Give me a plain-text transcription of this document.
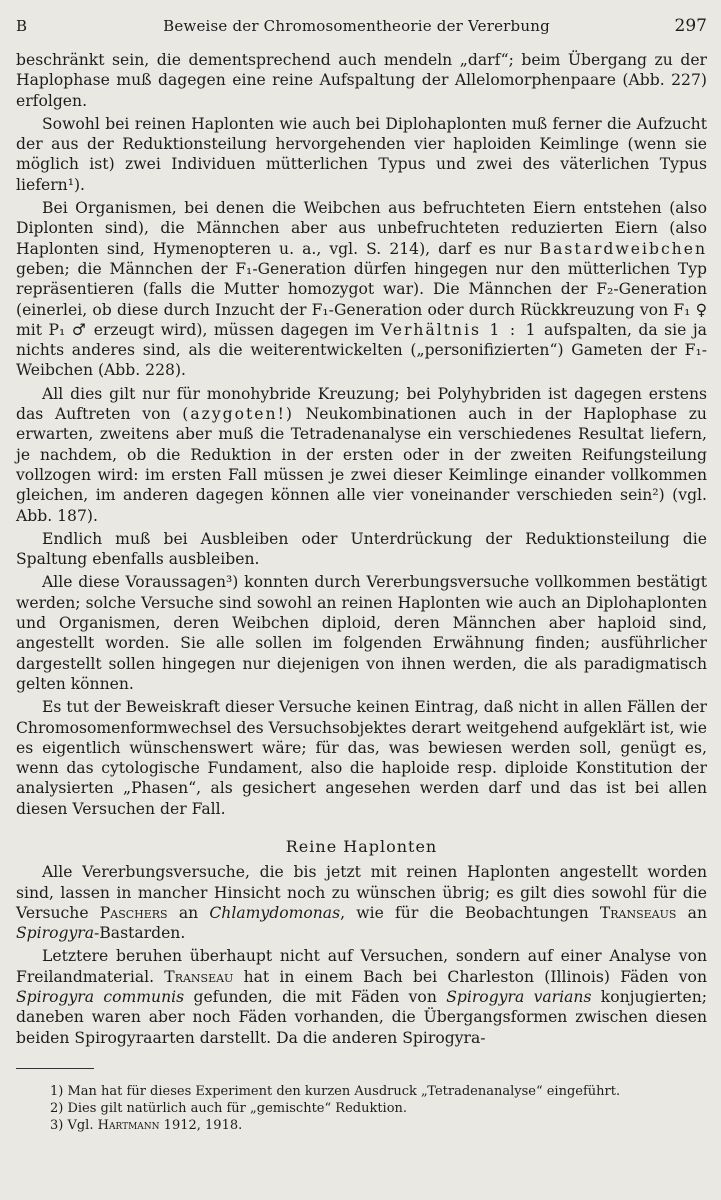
B	Beweise der Chromosomentheorie der Vererbung	297

beschränkt sein, die dementsprechend auch mendeln „darf“; beim Übergang zu der Haplophase muß dagegen eine reine Aufspaltung der Allelomorphenpaare (Abb. 227) erfolgen.

Sowohl bei reinen Haplonten wie auch bei Diplohaplonten muß ferner die Aufzucht der aus der Reduktionsteilung hervorgehenden vier haploiden Keimlinge (wenn sie möglich ist) zwei Individuen mütterlichen Typus und zwei des väterlichen Typus liefern¹).

Bei Organismen, bei denen die Weibchen aus befruchteten Eiern entstehen (also Diplonten sind), die Männchen aber aus unbefruchteten reduzierten Eiern (also Haplonten sind, Hymenopteren u. a., vgl. S. 214), darf es nur Bastardweibchen geben; die Männchen der F₁-Generation dürfen hingegen nur den mütterlichen Typ repräsentieren (falls die Mutter homozygot war). Die Männchen der F₂-Generation (einerlei, ob diese durch Inzucht der F₁-Generation oder durch Rückkreuzung von F₁ ♀ mit P₁ ♂ erzeugt wird), müssen dagegen im Verhältnis 1 : 1 aufspalten, da sie ja nichts anderes sind, als die weiterentwickelten („personifizierten“) Gameten der F₁-Weibchen (Abb. 228).

All dies gilt nur für monohybride Kreuzung; bei Polyhybriden ist dagegen erstens das Auftreten von (azygoten!) Neukombinationen auch in der Haplophase zu erwarten, zweitens aber muß die Tetradenanalyse ein verschiedenes Resultat liefern, je nachdem, ob die Reduktion in der ersten oder in der zweiten Reifungsteilung vollzogen wird: im ersten Fall müssen je zwei dieser Keimlinge einander vollkommen gleichen, im anderen dagegen können alle vier voneinander verschieden sein²) (vgl. Abb. 187).

Endlich muß bei Ausbleiben oder Unterdrückung der Reduktionsteilung die Spaltung ebenfalls ausbleiben.

Alle diese Voraussagen³) konnten durch Vererbungsversuche vollkommen bestätigt werden; solche Versuche sind sowohl an reinen Haplonten wie auch an Diplohaplonten und Organismen, deren Weibchen diploid, deren Männchen aber haploid sind, angestellt worden. Sie alle sollen im folgenden Erwähnung finden; ausführlicher dargestellt sollen hingegen nur diejenigen von ihnen werden, die als paradigmatisch gelten können.

Es tut der Beweiskraft dieser Versuche keinen Eintrag, daß nicht in allen Fällen der Chromosomenformwechsel des Versuchsobjektes derart weitgehend aufgeklärt ist, wie es eigentlich wünschenswert wäre; für das, was bewiesen werden soll, genügt es, wenn das cytologische Fundament, also die haploide resp. diploide Konstitution der analysierten „Phasen“, als gesichert angesehen werden darf und das ist bei allen diesen Versuchen der Fall.

Reine Haplonten

Alle Vererbungsversuche, die bis jetzt mit reinen Haplonten angestellt worden sind, lassen in mancher Hinsicht noch zu wünschen übrig; es gilt dies sowohl für die Versuche Paschers an Chlamydomonas, wie für die Beobachtungen Transeaus an Spirogyra-Bastarden.

Letztere beruhen überhaupt nicht auf Versuchen, sondern auf einer Analyse von Freilandmaterial. Transeau hat in einem Bach bei Charleston (Illinois) Fäden von Spirogyra communis gefunden, die mit Fäden von Spirogyra varians konjugierten; daneben waren aber noch Fäden vorhanden, die Übergangsformen zwischen diesen beiden Spirogyraarten darstellt. Da die anderen Spirogyra-

1) Man hat für dieses Experiment den kurzen Ausdruck „Tetradenanalyse“ eingeführt.
2) Dies gilt natürlich auch für „gemischte“ Reduktion.
3) Vgl. Hartmann 1912, 1918.
